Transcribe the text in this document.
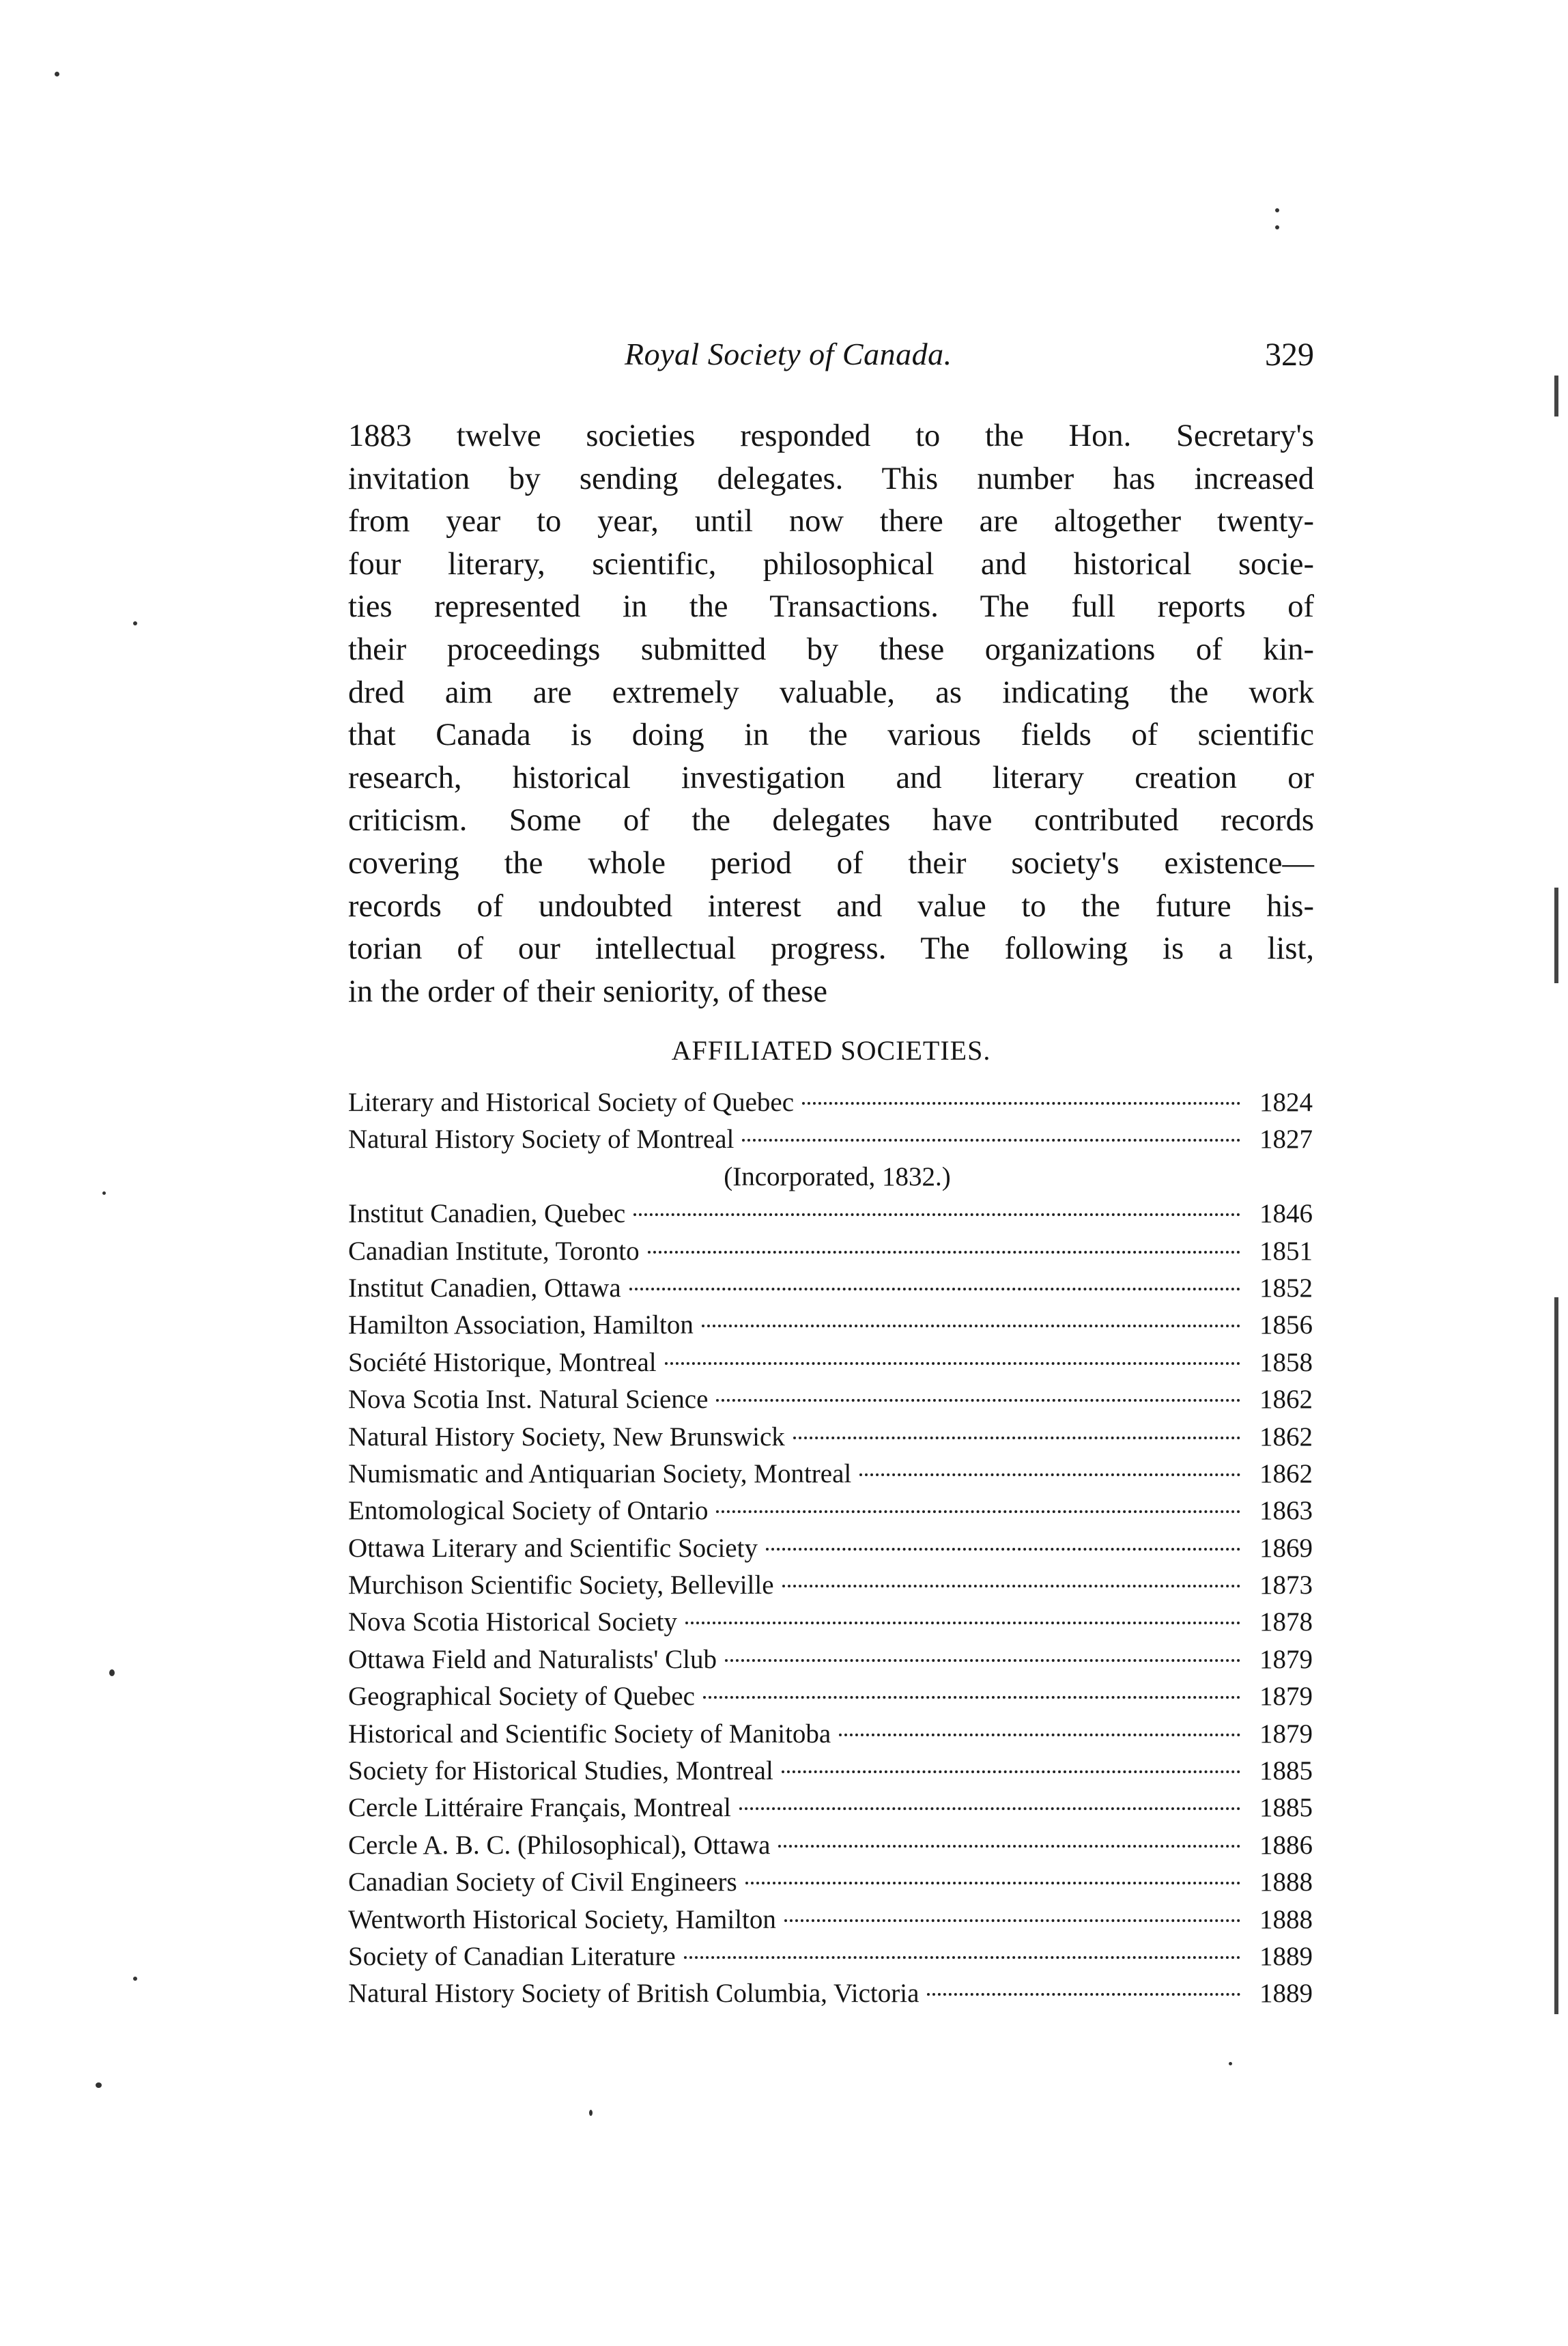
Royal Society of Canada.	329
1883 twelve societies responded to the Hon. Secretary's
invitation by sending delegates. This number has increased
from year to year, until now there are altogether twenty-
four literary, scientific, philosophical and historical socie-
ties represented in the Transactions. The full reports of
their proceedings submitted by these organizations of kin-
dred aim are extremely valuable, as indicating the work
that Canada is doing in the various fields of scientific
research, historical investigation and literary creation or
criticism. Some of the delegates have contributed records
covering the whole period of their society's existence—
records of undoubted interest and value to the future his-
torian of our intellectual progress. The following is a list,
in the order of their seniority, of these
AFFILIATED SOCIETIES.
Literary and Historical Society of Quebec	1824
Natural History Society of Montreal	1827
(Incorporated, 1832.)
Institut Canadien, Quebec	1846
Canadian Institute, Toronto	1851
Institut Canadien, Ottawa	1852
Hamilton Association, Hamilton	1856
Société Historique, Montreal	1858
Nova Scotia Inst. Natural Science	1862
Natural History Society, New Brunswick	1862
Numismatic and Antiquarian Society, Montreal	1862
Entomological Society of Ontario	1863
Ottawa Literary and Scientific Society	1869
Murchison Scientific Society, Belleville	1873
Nova Scotia Historical Society	1878
Ottawa Field and Naturalists' Club	1879
Geographical Society of Quebec	1879
Historical and Scientific Society of Manitoba	1879
Society for Historical Studies, Montreal	1885
Cercle Littéraire Français, Montreal	1885
Cercle A. B. C. (Philosophical), Ottawa	1886
Canadian Society of Civil Engineers	1888
Wentworth Historical Society, Hamilton	1888
Society of Canadian Literature	1889
Natural History Society of British Columbia, Victoria	1889
